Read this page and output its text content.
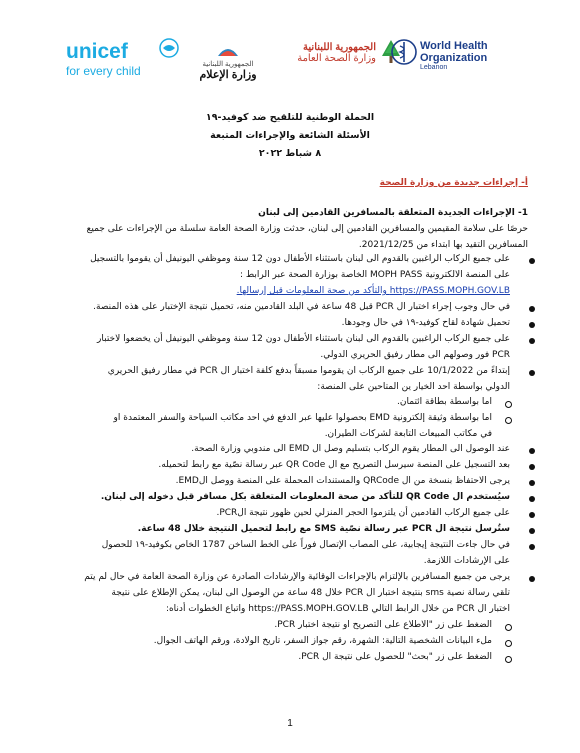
unicef
for every child	الجمهورية اللبنانية
وزارة الإعلام
الجمهورية اللبنانية
وزارة الصحة العامة
World Health Organization
Lebanon
الحملة الوطنية للتلقيح ضد كوفيد-١٩
الأسئلة الشائعة والإجراءات المتبعة
٨ شباط ٢٠٢٢
أ- إجراءات جديدة من وزارة الصحة
1- الإجراءات الجديدة المتعلقة بالمسافرين القادمين إلى لبنان
حرصًا على سلامة المقيمين والمسافرين القادمين إلى لبنان، حدثت وزارة الصحة العامة سلسلة من الإجراءات على جميع
المسافرين التقيد بها ابتداء من 2021/12/25.
على جميع الركاب الراغبين بالقدوم الى لبنان باستثناء الأطفال دون 12 سنة وموظفي اليونيفل أن يقوموا بالتسجيل
على المنصة الالكترونية MOPH PASS الخاصة بوزارة الصحة عبر الرابط :
https://PASS.MOPH.GOV.LB والتأكد من صحة المعلومات قبل إرسالها.
في حال وجوب إجراء اختبار ال PCR قبل 48 ساعة في البلد القادمين منه، تحميل نتيجة الإختبار على هذه المنصة.
تحميل شهادة لقاح كوفيد-١٩ في حال وجودها.
على جميع الركاب الراغبين بالقدوم الى لبنان باستثناء الأطفال دون 12 سنة وموظفي اليونيفل أن يخضعوا لاختبار
PCR فور وصولهم الى مطار رفيق الحريري الدولي.
إبتداءً من 10/1/2022 على جميع الركاب ان يقوموا مسبقاً بدفع كلفة اختبار ال PCR في مطار رفيق الحريري
الدولي بواسطة احد الخيار ين المتاحين على المنصة:
اما بواسطة بطاقة ائتمان.
اما بواسطة وثيقة إلكترونية EMD بحصولوا عليها عبر الدفع في احد مكاتب السياحة والسفر المعتمدة او
في مكاتب المبيعات التابعة لشركات الطيران.
عند الوصول الى المطار يقوم الركاب بتسليم وصل ال EMD الى مندوبي وزارة الصحة.
بعد التسجيل على المنصة سيرسل التصريح مع ال QR Code عبر رسالة نصّية مع رابط لتحميله.
يرجى الاحتفاظ بنسخة من ال QRCode والمستندات المحملة على المنصة ووصل الEMD.
سيُستخدم ال QR Code للتأكد من صحة المعلومات المتعلقة بكل مسافر قبل دخوله إلى لبنان.
على جميع الركاب القادمين أن يلتزموا الحجر المنزلي لحين ظهور نتيجة الPCR.
ستُرسل نتيجة ال PCR عبر رسالة نصّية SMS مع رابط لتحميل النتيجة خلال 48 ساعة.
في حال جاءت النتيجة إيجابية، على المصاب الإتصال فوراً على الخط الساخن 1787 الخاص بكوفيد-١٩ للحصول
على الإرشادات اللازمة.
يرجى من جميع المسافرين بالإلتزام بالإجراءات الوقائية والإرشادات الصادرة عن وزارة الصحة العامة في حال لم يتم
تلقي رسالة نصية sms بنتيجة اختبار ال PCR خلال 48 ساعة من الوصول الى لبنان، يمكن الإطلاع على نتيجة
اختبار ال PCR من خلال الرابط التالي https://PASS.MOPH.GOV.LB واتباع الخطوات أدناه:
الضغط على زر "الاطلاع على التصريح او نتيجة اختبار PCR.
ملء البيانات الشخصية التالية: الشهرة، رقم جواز السفر، تاريخ الولادة، ورقم الهاتف الجوال.
الضغط على زر "بحث" للحصول على نتيجة ال PCR.
1
